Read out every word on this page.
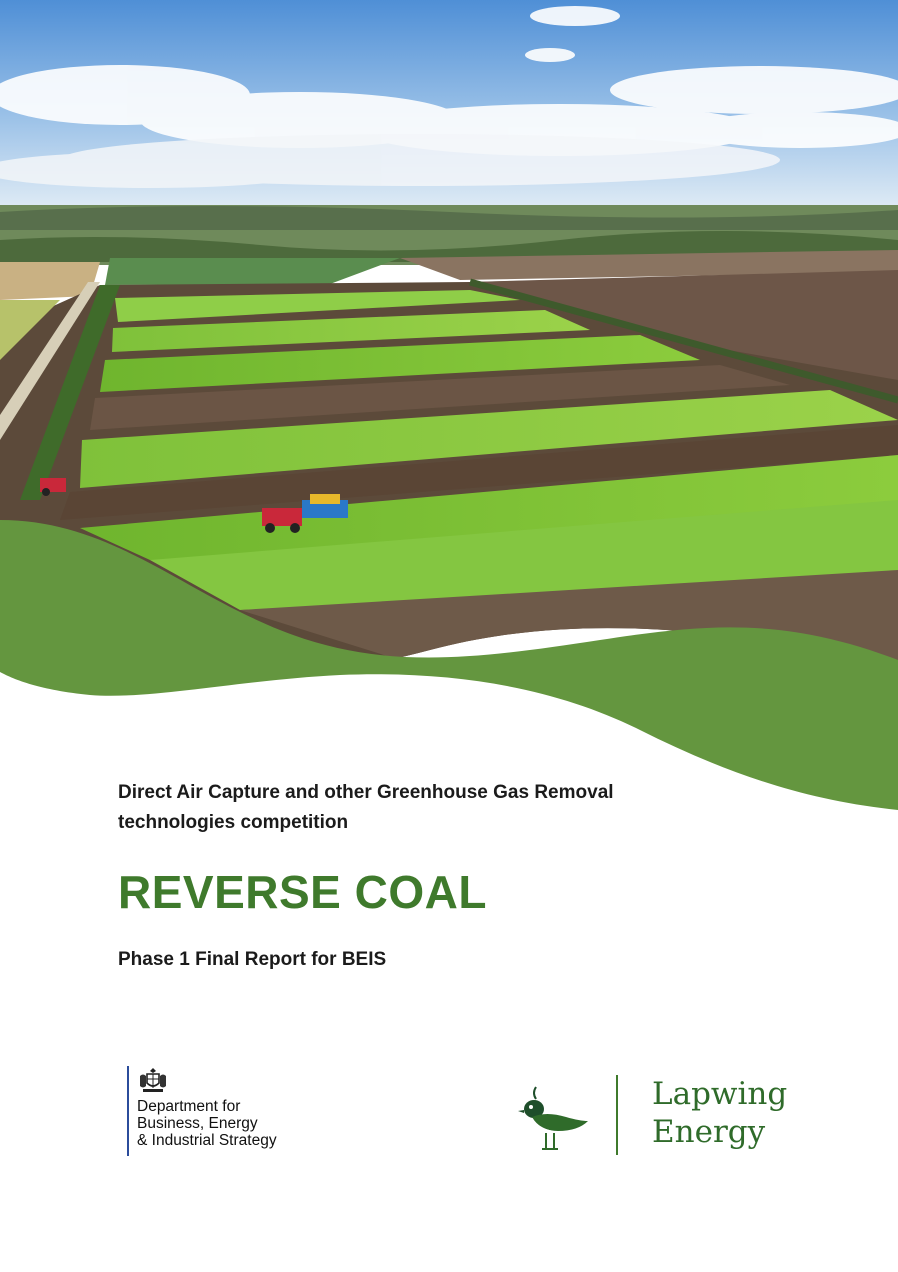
Direct Air Capture and other Greenhouse Gas Removal
technologies competition
REVERSE COAL
Phase 1 Final Report for BEIS
Department for
Business, Energy
& Industrial Strategy
Lapwing
Energy
